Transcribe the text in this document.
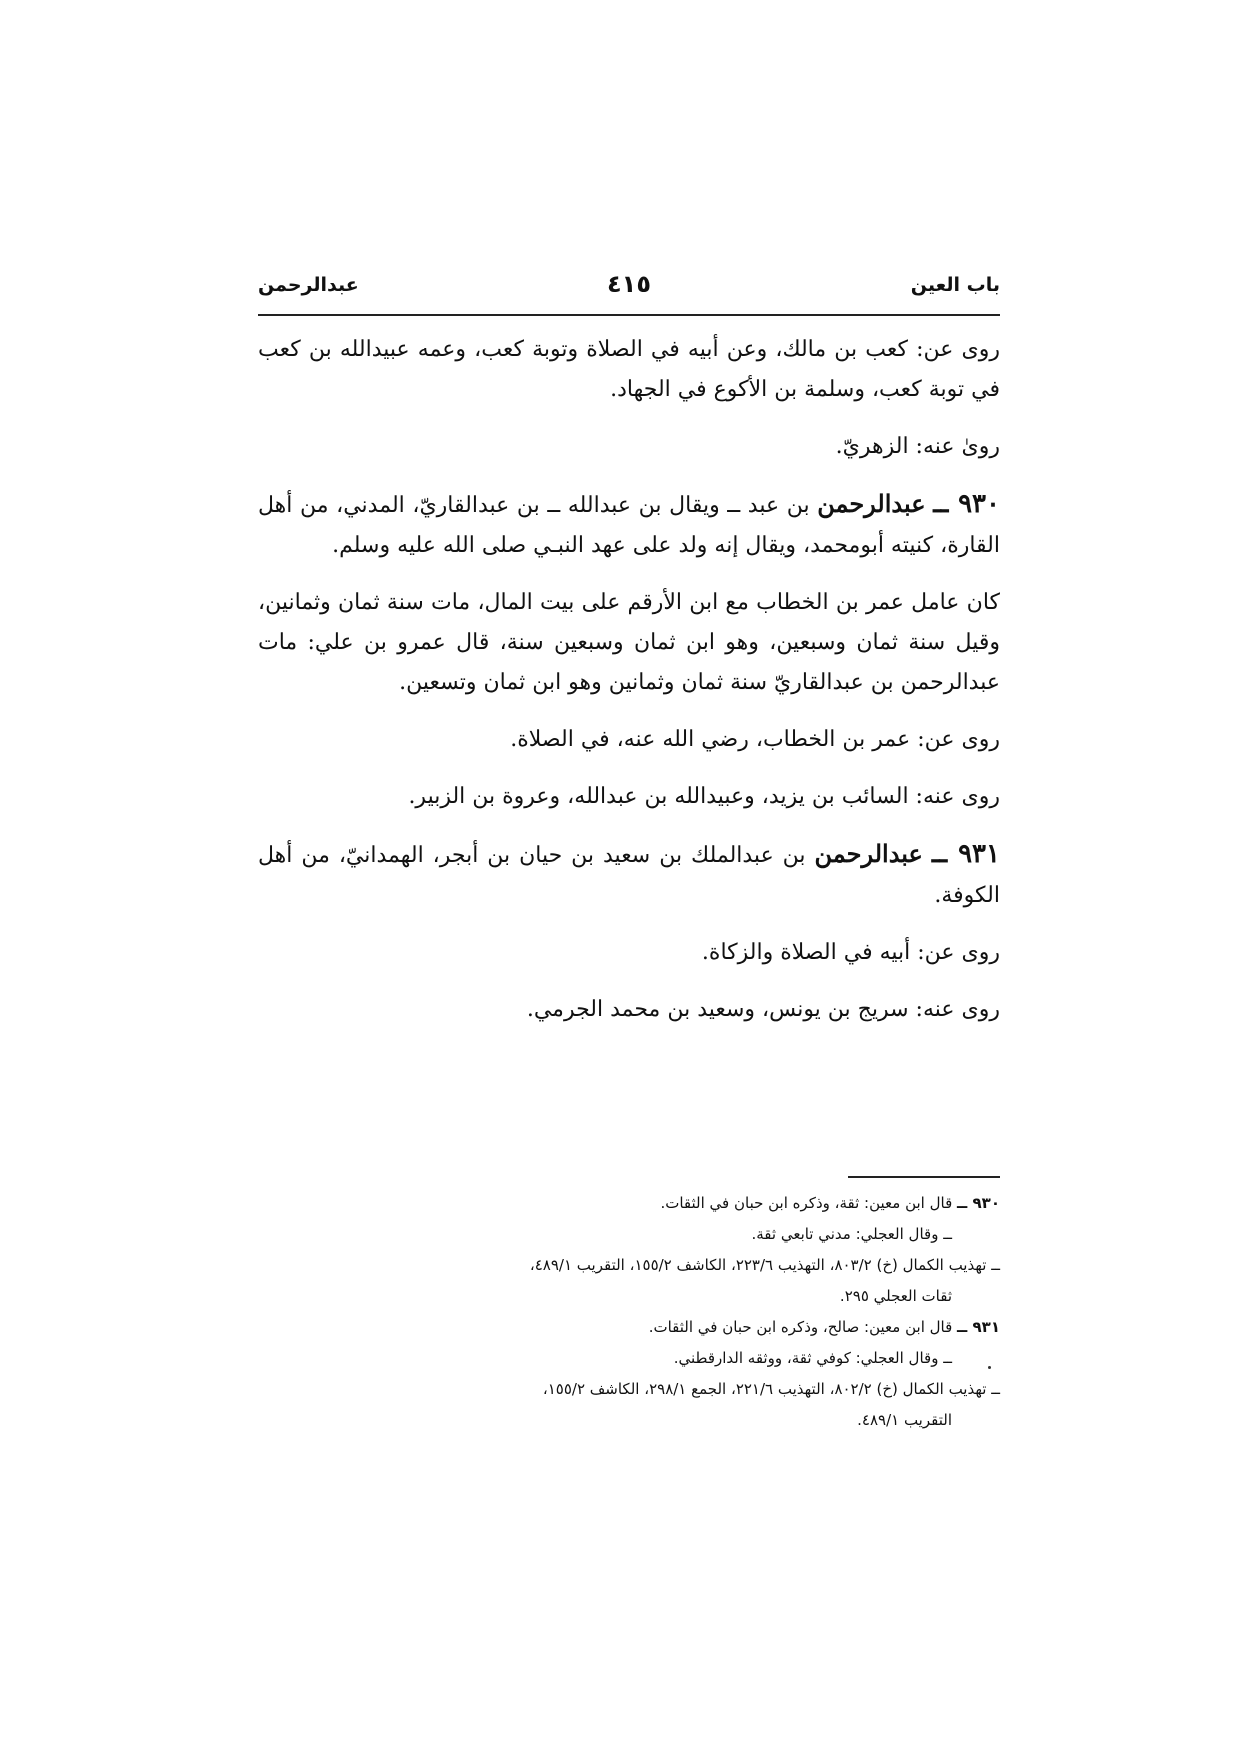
باب العين
٤١٥
عبدالرحمن

روى عن: كعب بن مالك، وعن أبيه في الصلاة وتوبة كعب، وعمه عبيدالله بن كعب في توبة كعب، وسلمة بن الأكوع في الجهاد.

روىٰ عنه: الزهريّ.

٩٣٠ ــ عبدالرحمن بن عبد ــ ويقال بن عبدالله ــ بن عبدالقاريّ، المدني، من أهل القارة، كنيته أبومحمد، ويقال إنه ولد على عهد النبـي صلى الله عليه وسلم.

كان عامل عمر بن الخطاب مع ابن الأرقم على بيت المال، مات سنة ثمان وثمانين، وقيل سنة ثمان وسبعين، وهو ابن ثمان وسبعين سنة، قال عمرو بن علي: مات عبدالرحمن بن عبدالقاريّ سنة ثمان وثمانين وهو ابن ثمان وتسعين.

روى عن: عمر بن الخطاب، رضي الله عنه، في الصلاة.

روى عنه: السائب بن يزيد، وعبيدالله بن عبدالله، وعروة بن الزبير.

٩٣١ ــ عبدالرحمن بن عبدالملك بن سعيد بن حيان بن أبجر، الهمدانيّ، من أهل الكوفة.

روى عن: أبيه في الصلاة والزكاة.

روى عنه: سريج بن يونس، وسعيد بن محمد الجرمي.

٩٣٠ ــ قال ابن معين: ثقة، وذكره ابن حبان في الثقات.

ــ وقال العجلي: مدني تابعي ثقة.

ــ تهذيب الكمال (خ) ٨٠٣/٢، التهذيب ٢٢٣/٦، الكاشف ١٥٥/٢، التقريب ٤٨٩/١،

ثقات العجلي ٢٩٥.

٩٣١ ــ قال ابن معين: صالح، وذكره ابن حبان في الثقات.

ــ وقال العجلي: كوفي ثقة، ووثقه الدارقطني.

ــ تهذيب الكمال (خ) ٨٠٢/٢، التهذيب ٢٢١/٦، الجمع ٢٩٨/١، الكاشف ١٥٥/٢،

التقريب ٤٨٩/١.
